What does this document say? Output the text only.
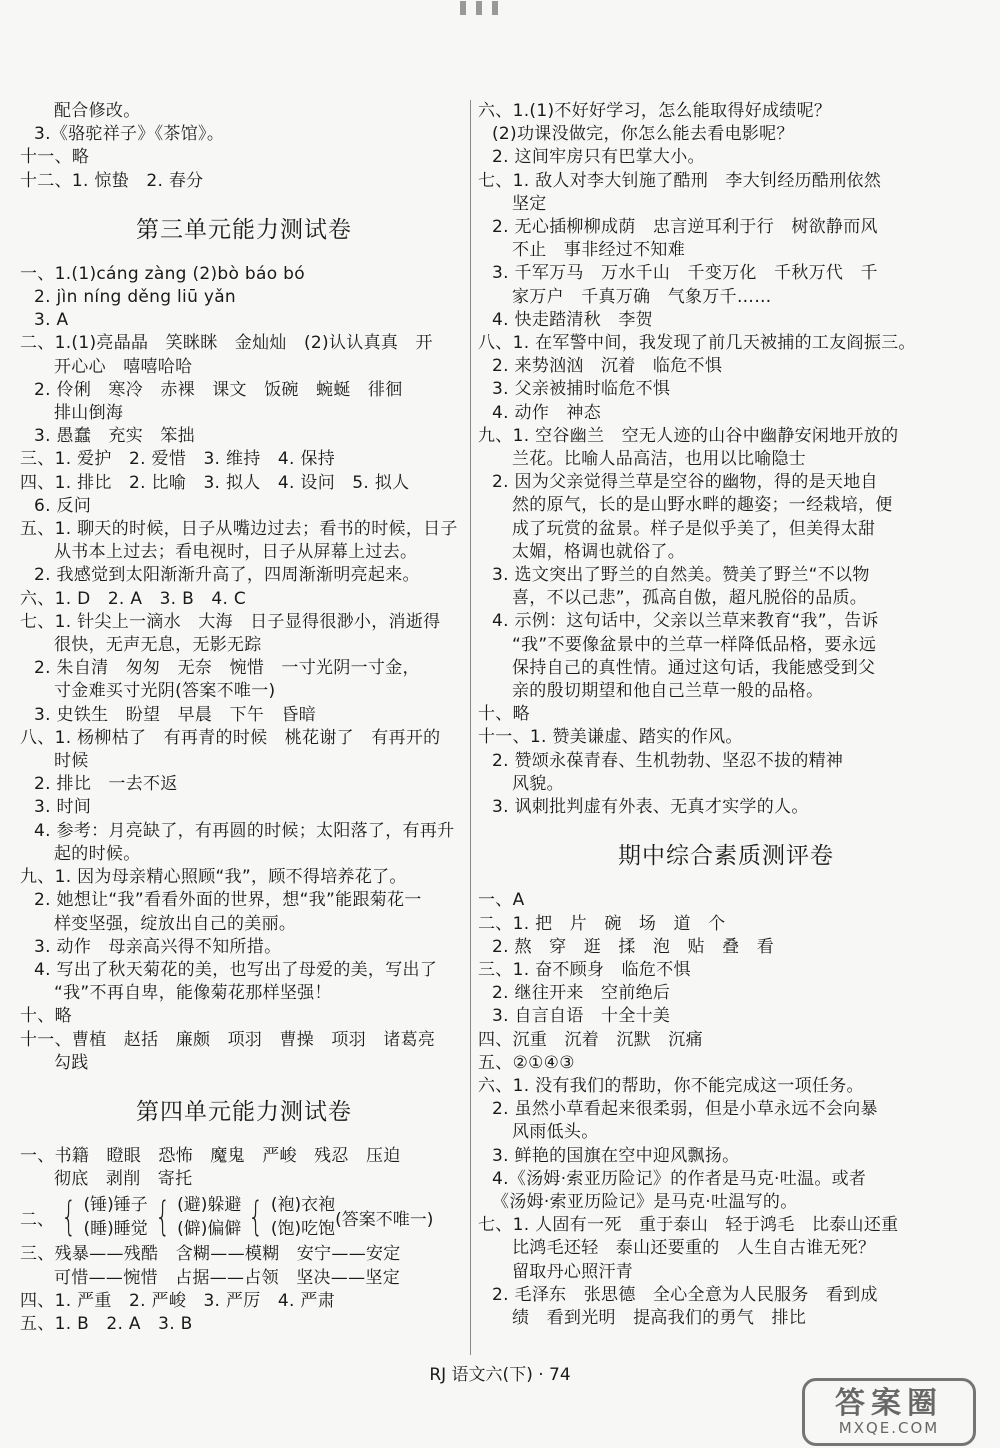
配合修改。
3.《骆驼祥子》《茶馆》。
十一、略
十二、1. 惊蛰　2. 春分
第三单元能力测试卷
一、1.(1)cáng zàng (2)bò báo bó
2. jìn níng děng liū yǎn
3. A
二、1.(1)亮晶晶　笑眯眯　金灿灿　(2)认认真真　开
开心心　嘻嘻哈哈
2. 伶俐　寒冷　赤裸　课文　饭碗　蜿蜒　徘徊
排山倒海
3. 愚蠢　充实　笨拙
三、1. 爱护　2. 爱惜　3. 维持　4. 保持
四、1. 排比　2. 比喻　3. 拟人　4. 设问　5. 拟人
6. 反问
五、1. 聊天的时候，日子从嘴边过去；看书的时候，日子
从书本上过去；看电视时，日子从屏幕上过去。
2. 我感觉到太阳渐渐升高了，四周渐渐明亮起来。
六、1. D　2. A　3. B　4. C
七、1. 针尖上一滴水　大海　日子显得很渺小，消逝得
很快，无声无息，无影无踪
2. 朱自清　匆匆　无奈　惋惜　一寸光阴一寸金，
寸金难买寸光阴(答案不唯一)
3. 史铁生　盼望　早晨　下午　昏暗
八、1. 杨柳枯了　有再青的时候　桃花谢了　有再开的
时候
2. 排比　一去不返
3. 时间
4. 参考：月亮缺了，有再圆的时候；太阳落了，有再升
起的时候。
九、1. 因为母亲精心照顾“我”，顾不得培养花了。
2. 她想让“我”看看外面的世界，想“我”能跟菊花一
样变坚强，绽放出自己的美丽。
3. 动作　母亲高兴得不知所措。
4. 写出了秋天菊花的美，也写出了母爱的美，写出了
“我”不再自卑，能像菊花那样坚强！
十、略
十一、曹植　赵括　廉颇　项羽　曹操　项羽　诸葛亮
勾践
第四单元能力测试卷
一、书籍　瞪眼　恐怖　魔鬼　严峻　残忍　压迫
彻底　剥削　寄托
二、 { (锤)锤子
(睡)睡觉 { (避)躲避
(僻)偏僻 { (袍)衣袍
(饱)吃饱 (答案不唯一)
三、残暴——残酷　含糊——模糊　安宁——安定
可惜——惋惜　占据——占领　坚决——坚定
四、1. 严重　2. 严峻　3. 严厉　4. 严肃
五、1. B　2. A　3. B
六、1.(1)不好好学习，怎么能取得好成绩呢？
(2)功课没做完，你怎么能去看电影呢？
2. 这间牢房只有巴掌大小。
七、1. 敌人对李大钊施了酷刑　李大钊经历酷刑依然
坚定
2. 无心插柳柳成荫　忠言逆耳利于行　树欲静而风
不止　事非经过不知难
3. 千军万马　万水千山　千变万化　千秋万代　千
家万户　千真万确　气象万千……
4. 快走踏清秋　李贺
八、1. 在军警中间，我发现了前几天被捕的工友阎振三。
2. 来势汹汹　沉着　临危不惧
3. 父亲被捕时临危不惧
4. 动作　神态
九、1. 空谷幽兰　空无人迹的山谷中幽静安闲地开放的
兰花。比喻人品高洁，也用以比喻隐士
2. 因为父亲觉得兰草是空谷的幽物，得的是天地自
然的原气，长的是山野水畔的趣姿；一经栽培，便
成了玩赏的盆景。样子是似乎美了，但美得太甜
太媚，格调也就俗了。
3. 选文突出了野兰的自然美。赞美了野兰“不以物
喜，不以己悲”，孤高自傲，超凡脱俗的品质。
4. 示例：这句话中，父亲以兰草来教育“我”，告诉
“我”不要像盆景中的兰草一样降低品格，要永远
保持自己的真性情。通过这句话，我能感受到父
亲的殷切期望和他自己兰草一般的品格。
十、略
十一、1. 赞美谦虚、踏实的作风。
2. 赞颂永葆青春、生机勃勃、坚忍不拔的精神
风貌。
3. 讽刺批判虚有外表、无真才实学的人。
期中综合素质测评卷
一、A
二、1. 把　片　碗　场　道　个
2. 熬　穿　逛　揉　泡　贴　叠　看
三、1. 奋不顾身　临危不惧
2. 继往开来　空前绝后
3. 自言自语　十全十美
四、沉重　沉着　沉默　沉痛
五、②①④③
六、1. 没有我们的帮助，你不能完成这一项任务。
2. 虽然小草看起来很柔弱，但是小草永远不会向暴
风雨低头。
3. 鲜艳的国旗在空中迎风飘扬。
4.《汤姆·索亚历险记》的作者是马克·吐温。或者
《汤姆·索亚历险记》是马克·吐温写的。
七、1. 人固有一死　重于泰山　轻于鸿毛　比泰山还重
比鸿毛还轻　泰山还要重的　人生自古谁无死？
留取丹心照汗青
2. 毛泽东　张思德　全心全意为人民服务　看到成
绩　看到光明　提高我们的勇气　排比
RJ 语文六(下) · 74
答案圈
MXQE.COM
